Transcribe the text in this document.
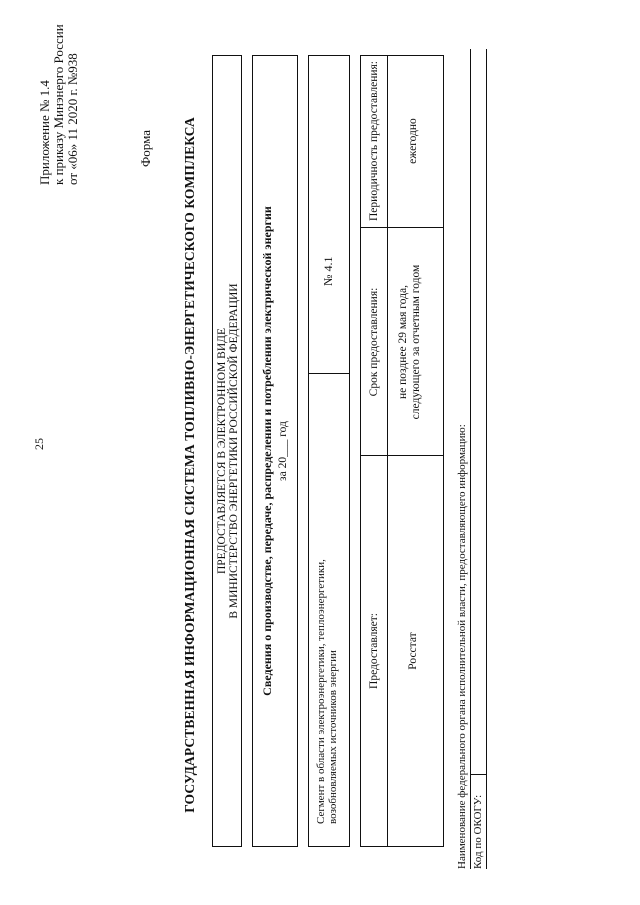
25
Приложение № 1.4 к приказу Минэнерго России от «06» 11 2020 г. №938	Форма ГОСУДАРСТВЕННАЯ ИНФОРМАЦИОННАЯ СИСТЕМА ТОПЛИВНО-ЭНЕРГЕТИЧЕСКОГО КОМПЛЕКСА ПРЕДОСТАВЛЯЕТСЯ В ЭЛЕКТРОННОМ ВИДЕ В МИНИСТЕРСТВО ЭНЕРГЕТИКИ РОССИЙСКОЙ ФЕДЕРАЦИИ Сведения о производстве, передаче, распределении и потреблении электрической энергии за 20___ год
Сегмент в области электроэнергетики, теплоэнергетики, возобновляемых источников энергии
№ 4.1
Предоставляет:
Срок предоставления:
Периодичность предоставления:
Росстат
не позднее 29 мая года, следующего за отчетным годом
ежегодно
Наименование федерального органа исполнительной власти, предоставляющего информацию: Код по ОКОГУ:
